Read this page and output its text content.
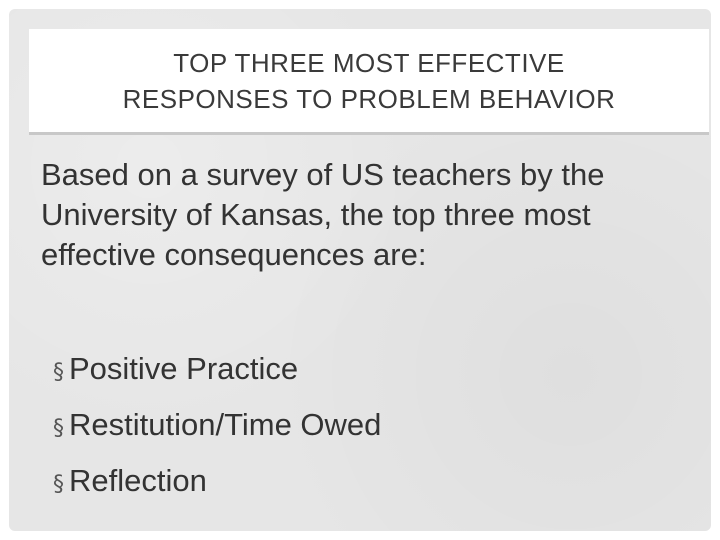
TOP THREE MOST EFFECTIVE
RESPONSES TO PROBLEM BEHAVIOR
Based on a survey of US teachers by the University of Kansas, the top three most effective consequences are:
§ Positive Practice
§ Restitution/Time Owed
§ Reflection
